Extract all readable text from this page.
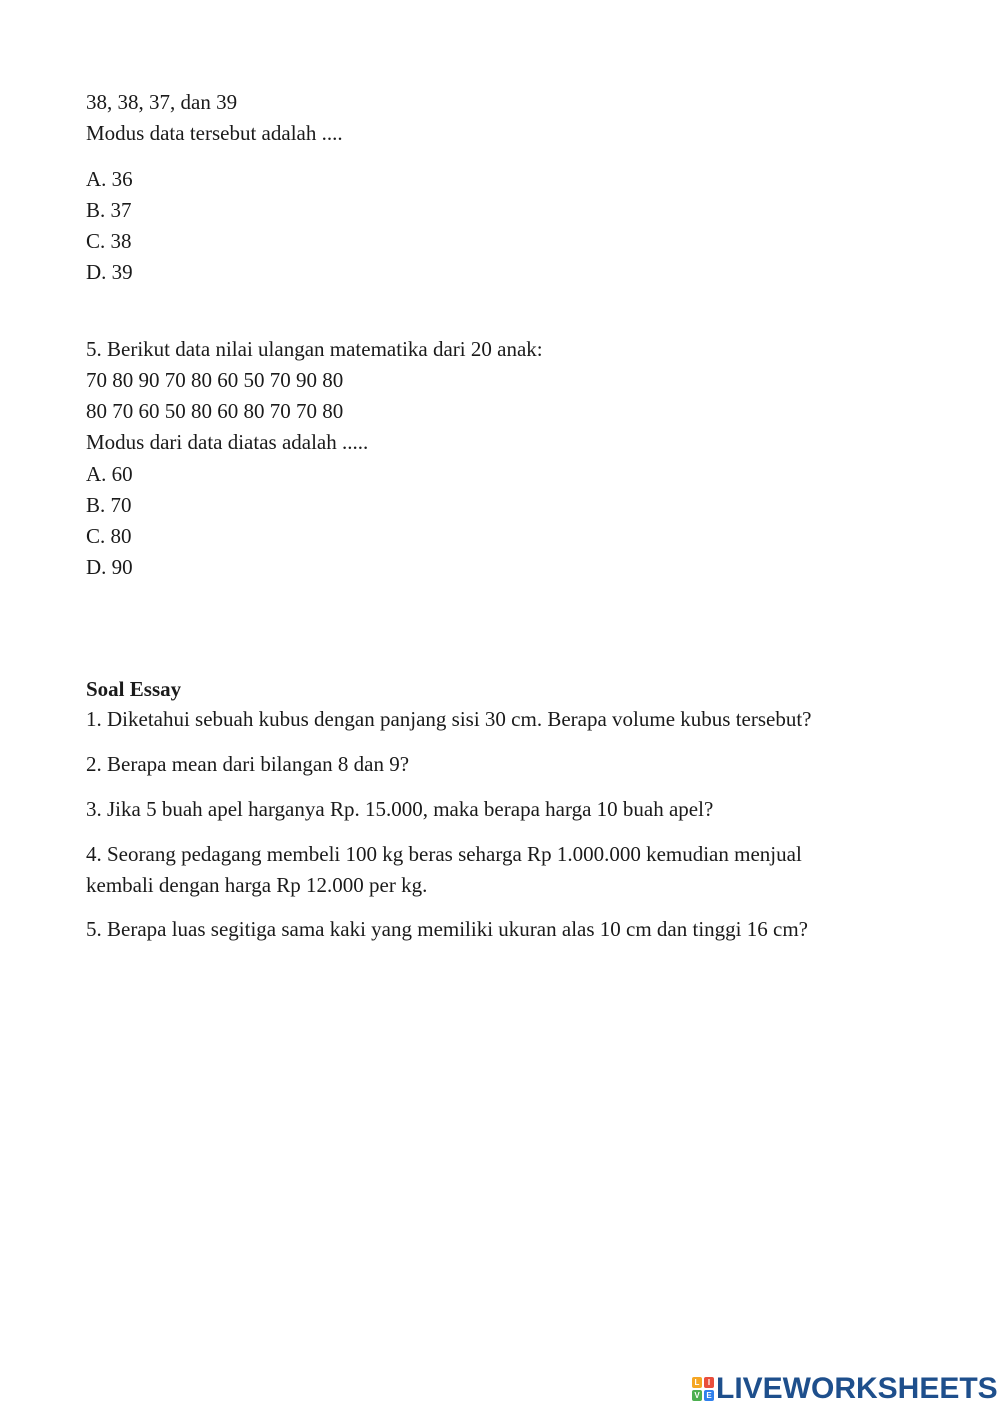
38, 38, 37, dan 39
Modus data tersebut adalah ....
A. 36
B. 37
C. 38
D. 39
5. Berikut data nilai ulangan matematika dari 20 anak:
70 80 90 70 80 60 50 70 90 80
80 70 60 50 80 60 80 70 70 80
Modus dari data diatas adalah .....
A. 60
B. 70
C. 80
D. 90
Soal Essay
1. Diketahui sebuah kubus dengan panjang sisi 30 cm. Berapa volume kubus tersebut?
2. Berapa mean dari bilangan 8 dan 9?
3. Jika 5 buah apel harganya Rp. 15.000, maka berapa harga 10 buah apel?
4. Seorang pedagang membeli 100 kg beras seharga Rp 1.000.000 kemudian menjual
kembali dengan harga Rp 12.000 per kg.
5. Berapa luas segitiga sama kaki yang memiliki ukuran alas 10 cm dan tinggi 16 cm?
L	I
V E LIVEWORKSHEETS
